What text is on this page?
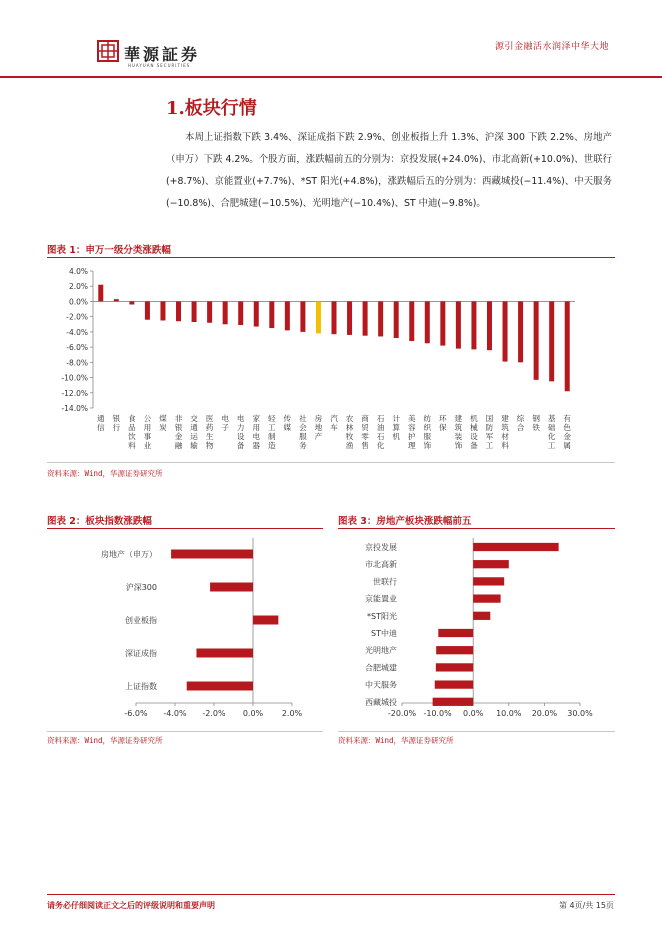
華源証券
HUAYUAN SECURITIES
源引金融活水润泽中华大地
1.板块行情
本周上证指数下跌 3.4%、深证成指下跌 2.9%、创业板指上升 1.3%、沪深 300 下跌 2.2%、房地产（申万）下跌 4.2%。个股方面，涨跌幅前五的分别为：京投发展(+24.0%)、市北高新(+10.0%)、世联行(+8.7%)、京能置业(+7.7%)、*ST 阳光(+4.8%)，涨跌幅后五的分别为：西藏城投(−11.4%)、中天服务(−10.8%)、合肥城建(−10.5%)、光明地产(−10.4%)、ST 中迪(−9.8%)。
图表 1：申万一级分类涨跌幅
4.0%
2.0%
0.0%
-2.0%
-4.0%
-6.0%
-8.0%
-10.0%
-12.0%
-14.0%
通信
银行
食品饮料
公用事业
煤炭
非银金融
交通运输
医药生物
电子
电力设备
家用电器
轻工制造
传媒
社会服务
房地产
汽车
农林牧渔
商贸零售
石油石化
计算机
美容护理
纺织服饰
环保
建筑装饰
机械设备
国防军工
建筑材料
综合
钢铁
基础化工
有色金属
资料来源：Wind，华源证券研究所
图表 2：板块指数涨跌幅
-6.0% -4.0% -2.0% 0.0% 2.0%
房地产（申万）
沪深300
创业板指
深证成指
上证指数
资料来源：Wind，华源证券研究所
图表 3：房地产板块涨跌幅前五
-20.0% -10.0% 0.0% 10.0% 20.0% 30.0%
京投发展
市北高新
世联行
京能置业
*ST阳光
ST中迪
光明地产
合肥城建
中天服务
西藏城投
资料来源：Wind，华源证券研究所
请务必仔细阅读正文之后的评级说明和重要声明	第 4页/共 15页
